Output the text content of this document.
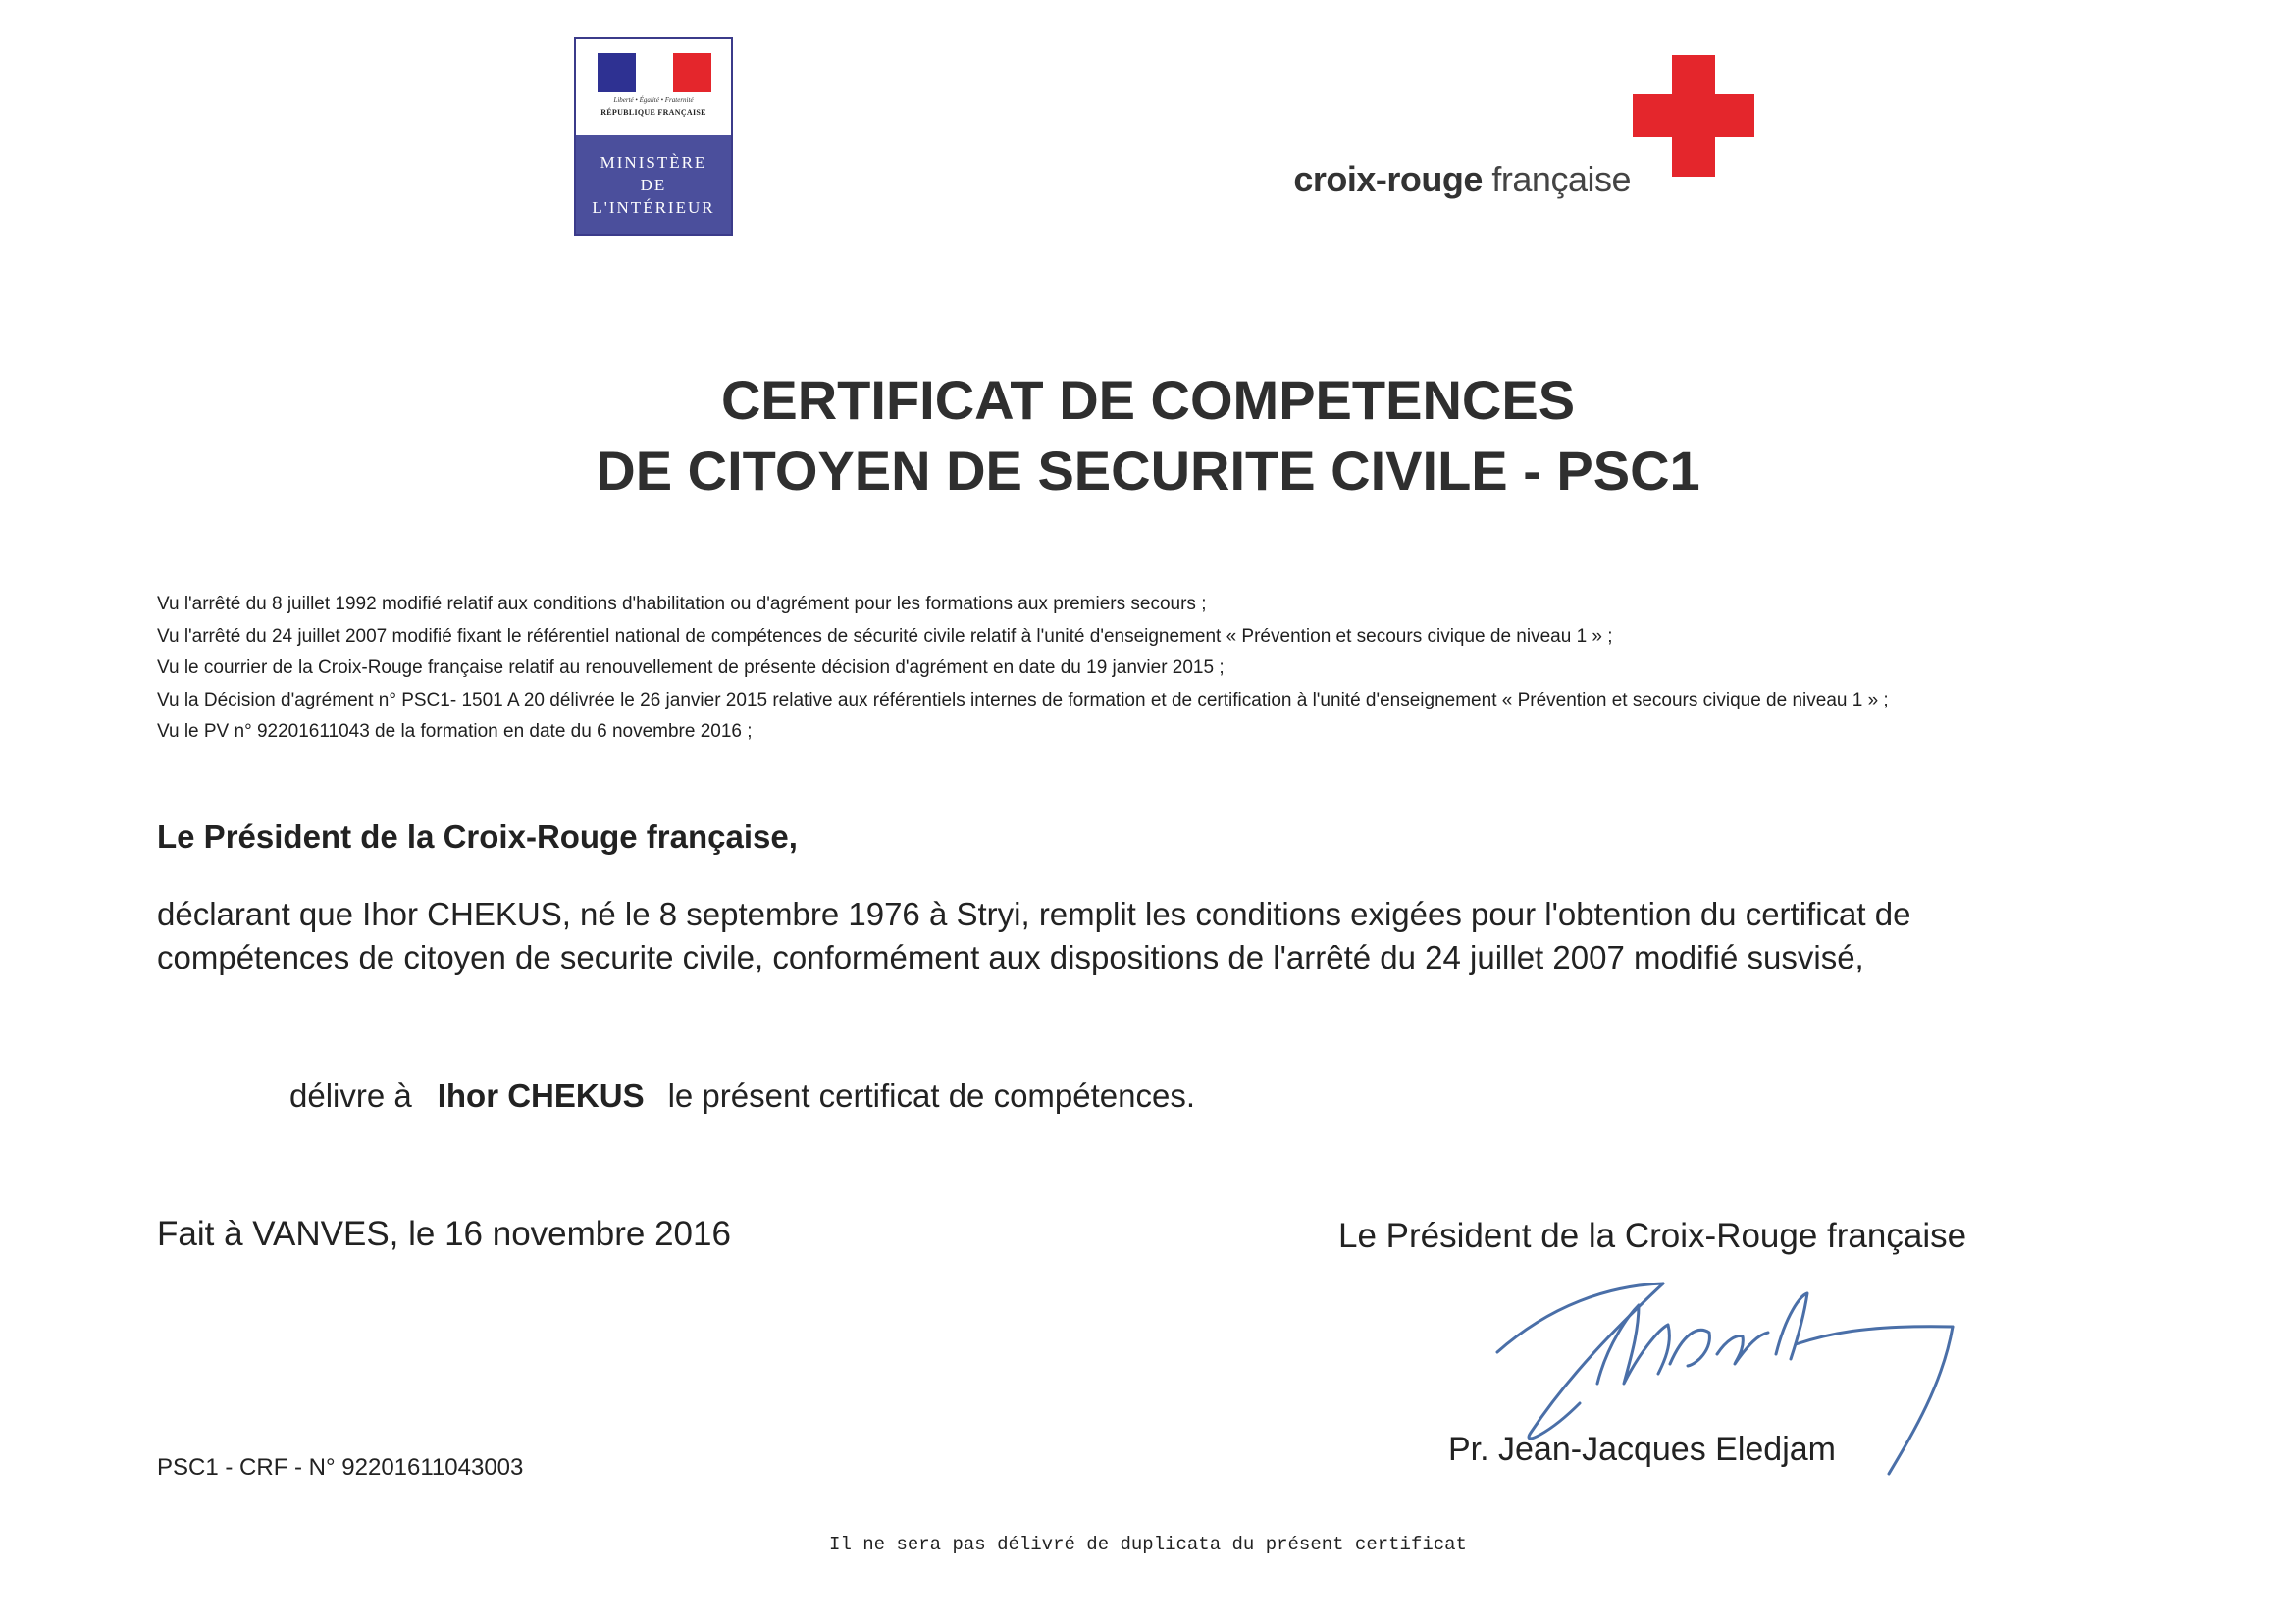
Liberté • Égalité • Fraternité
RÉPUBLIQUE FRANÇAISE
MINISTÈRE
DE
L'INTÉRIEUR
croix-rouge française
CERTIFICAT DE COMPETENCES
DE CITOYEN DE SECURITE CIVILE - PSC1
Vu l'arrêté du 8 juillet 1992 modifié relatif aux conditions d'habilitation ou d'agrément pour les formations aux premiers secours ;
Vu l'arrêté du 24 juillet 2007 modifié fixant le référentiel national de compétences de sécurité civile relatif à l'unité d'enseignement « Prévention et secours civique de niveau 1 » ;
Vu le courrier de la Croix-Rouge française relatif au renouvellement de présente décision d'agrément en date du 19 janvier 2015 ;
Vu la Décision d'agrément n° PSC1- 1501 A 20 délivrée le 26 janvier 2015 relative aux référentiels internes de formation et de certification à l'unité d'enseignement « Prévention et secours civique de niveau 1 » ;
Vu le PV n° 92201611043 de la formation en date du 6 novembre 2016 ;
Le Président de la Croix-Rouge française,
déclarant que Ihor CHEKUS, né le 8 septembre 1976 à Stryi, remplit les conditions exigées pour l'obtention du certificat de
compétences de citoyen de securite civile, conformément aux dispositions de l'arrêté du 24 juillet 2007 modifié susvisé,
délivre à Ihor CHEKUS le présent certificat de compétences.
Fait à VANVES, le 16 novembre 2016	Le Président de la Croix-Rouge française
Pr. Jean-Jacques Eledjam
PSC1 - CRF - N° 92201611043003
Il ne sera pas délivré de duplicata du présent certificat
